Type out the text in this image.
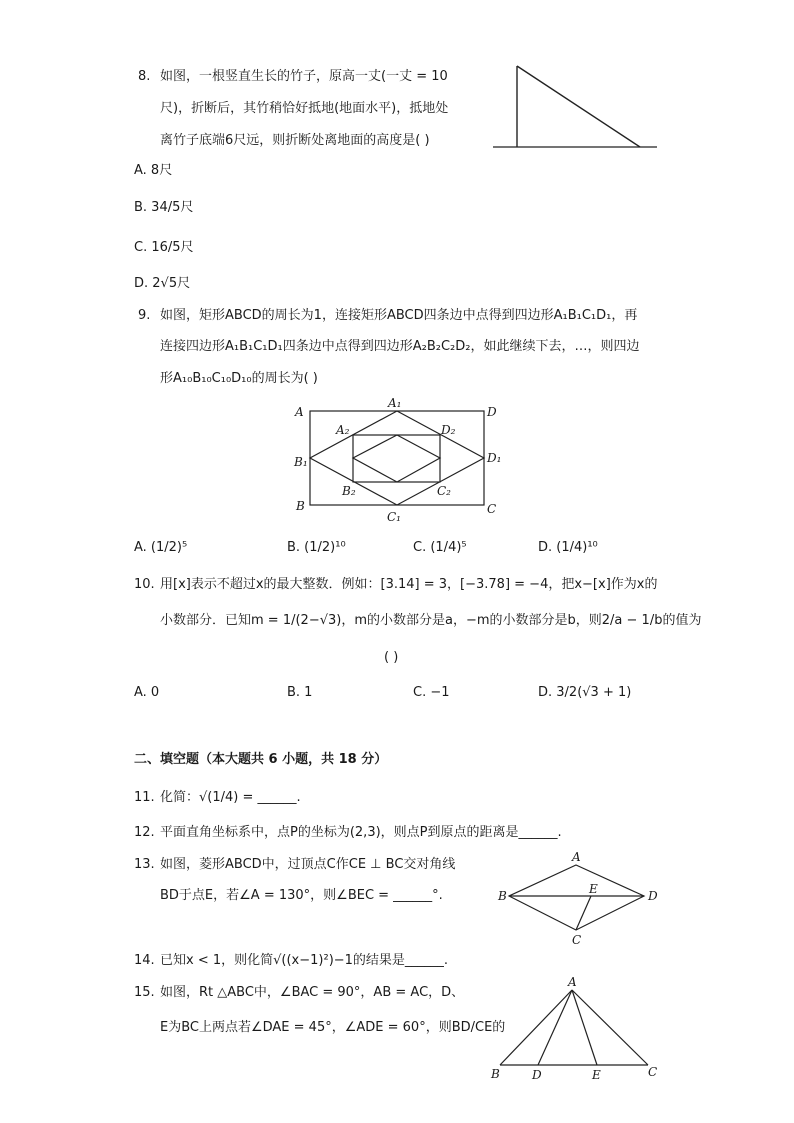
8. 如图，一根竖直生长的竹子，原高一丈(一丈 = 10
尺)，折断后，其竹稍恰好抵地(地面水平)，抵地处
离竹子底端6尺远，则折断处离地面的高度是( )
A. 8尺
B. 34/5尺
C. 16/5尺
D. 2√5尺
9. 如图，矩形ABCD的周长为1，连接矩形ABCD四条边中点得到四边形A₁B₁C₁D₁，再
连接四边形A₁B₁C₁D₁四条边中点得到四边形A₂B₂C₂D₂，如此继续下去，…，则四边
形A₁₀B₁₀C₁₀D₁₀的周长为( )
A
A₁
D
A₂	D₂
B₁	D₁
B₂	C₂
B
C₁
C
A. (1/2)⁵	B. (1/2)¹⁰	C. (1/4)⁵	D. (1/4)¹⁰
10. 用[x]表示不超过x的最大整数．例如：[3.14] = 3，[−3.78] = −4，把x−[x]作为x的
小数部分．已知m = 1/(2−√3)，m的小数部分是a，−m的小数部分是b，则2/a − 1/b的值为
( )
A. 0	B. 1	C. −1	D. 3/2(√3 + 1)
二、填空题（本大题共 6 小题，共 18 分）
11. 化简：√(1/4) = ______.
12. 平面直角坐标系中，点P的坐标为(2,3)，则点P到原点的距离是______.
13. 如图，菱形ABCD中，过顶点C作CE ⊥ BC交对角线
BD于点E，若∠A = 130°，则∠BEC = ______°.
A
B	E	D
C
14. 已知x < 1，则化简√((x−1)²)−1的结果是______.
15. 如图，Rt △ABC中，∠BAC = 90°，AB = AC，D、
E为BC上两点若∠DAE = 45°，∠ADE = 60°，则BD/CE的
A
B	D	E	C
